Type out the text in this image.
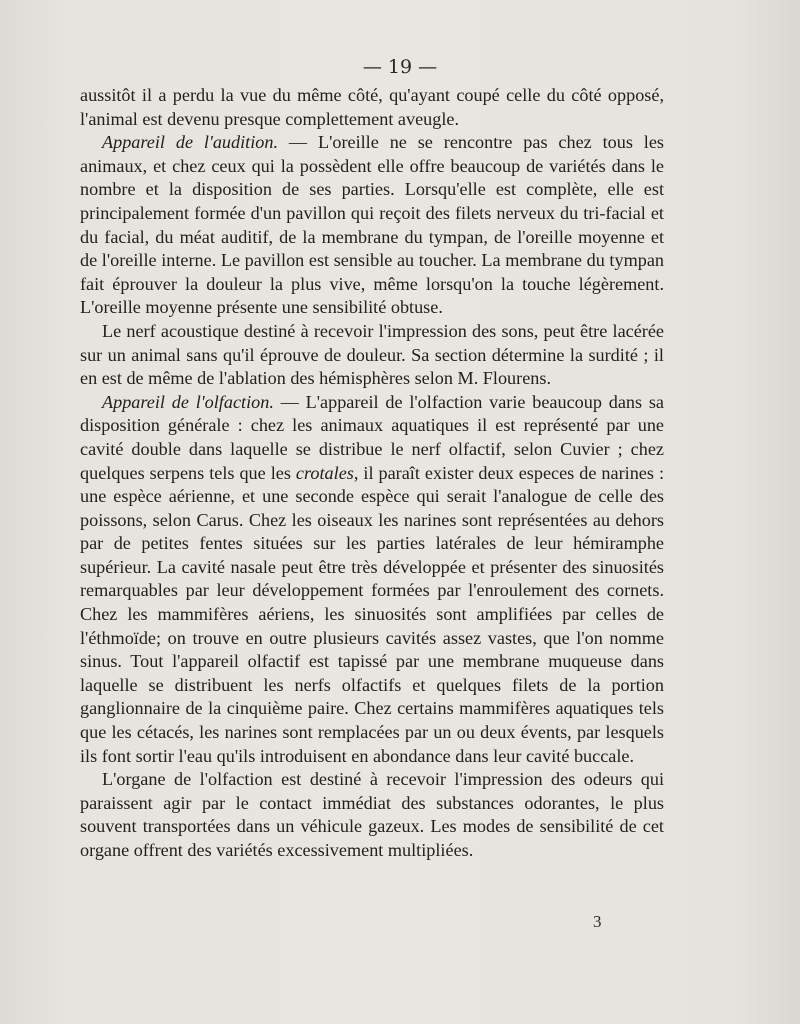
— 19 —

aussitôt il a perdu la vue du même côté, qu'ayant coupé celle du côté opposé, l'animal est devenu presque complettement aveugle.

Appareil de l'audition. — L'oreille ne se rencontre pas chez tous les animaux, et chez ceux qui la possèdent elle offre beaucoup de variétés dans le nombre et la disposition de ses parties. Lorsqu'elle est complète, elle est principalement formée d'un pavillon qui reçoit des filets nerveux du tri-facial et du facial, du méat auditif, de la membrane du tympan, de l'oreille moyenne et de l'oreille interne. Le pavillon est sensible au toucher. La membrane du tympan fait éprouver la douleur la plus vive, même lorsqu'on la touche légèrement. L'oreille moyenne présente une sensibilité obtuse.

Le nerf acoustique destiné à recevoir l'impression des sons, peut être lacérée sur un animal sans qu'il éprouve de douleur. Sa section détermine la surdité ; il en est de même de l'ablation des hémisphères selon M. Flourens.

Appareil de l'olfaction. — L'appareil de l'olfaction varie beaucoup dans sa disposition générale : chez les animaux aquatiques il est représenté par une cavité double dans laquelle se distribue le nerf olfactif, selon Cuvier ; chez quelques serpens tels que les crotales, il paraît exister deux especes de narines : une espèce aérienne, et une seconde espèce qui serait l'analogue de celle des poissons, selon Carus. Chez les oiseaux les narines sont représentées au dehors par de petites fentes situées sur les parties latérales de leur hémiramphe supérieur. La cavité nasale peut être très développée et présenter des sinuosités remarquables par leur développement formées par l'enroulement des cornets. Chez les mammifères aériens, les sinuosités sont amplifiées par celles de l'éthmoïde; on trouve en outre plusieurs cavités assez vastes, que l'on nomme sinus. Tout l'appareil olfactif est tapissé par une membrane muqueuse dans laquelle se distribuent les nerfs olfactifs et quelques filets de la portion ganglionnaire de la cinquième paire. Chez certains mammifères aquatiques tels que les cétacés, les narines sont remplacées par un ou deux évents, par lesquels ils font sortir l'eau qu'ils introduisent en abondance dans leur cavité buccale.

L'organe de l'olfaction est destiné à recevoir l'impression des odeurs qui paraissent agir par le contact immédiat des substances odorantes, le plus souvent transportées dans un véhicule gazeux. Les modes de sensibilité de cet organe offrent des variétés excessivement multipliées.

3
